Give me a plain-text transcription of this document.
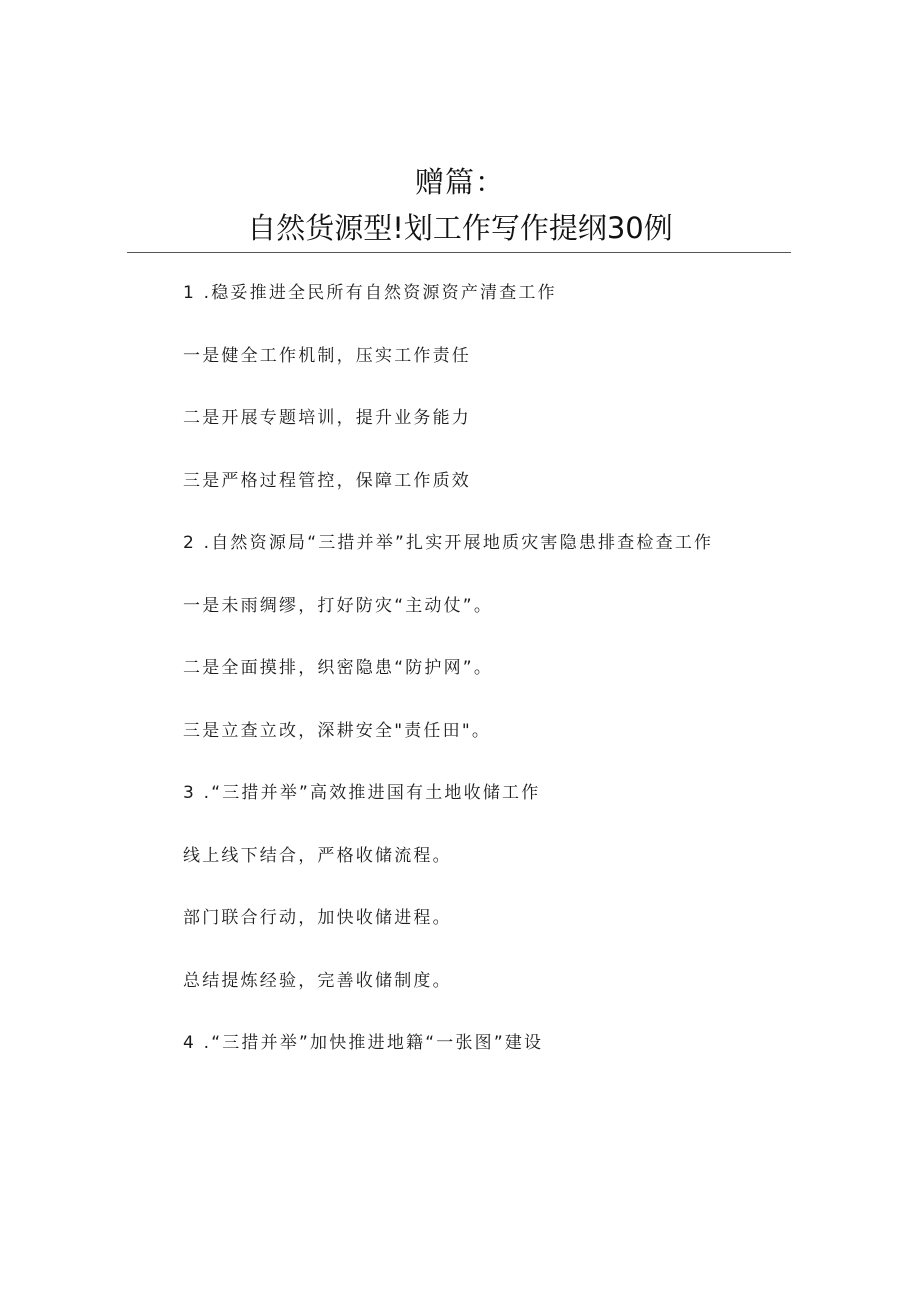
赠篇：
自然货源型!划工作写作提纲30例
1 .稳妥推进全民所有自然资源资产清查工作
一是健全工作机制，压实工作责任
二是开展专题培训，提升业务能力
三是严格过程管控，保障工作质效
2 .自然资源局“三措并举”扎实开展地质灾害隐患排查检查工作
一是未雨绸缪，打好防灾“主动仗”。
二是全面摸排，织密隐患“防护网”。
三是立查立改，深耕安全"责任田"。
3 .“三措并举”高效推进国有土地收储工作
线上线下结合，严格收储流程。
部门联合行动，加快收储进程。
总结提炼经验，完善收储制度。
4 .“三措并举”加快推进地籍“一张图”建设
